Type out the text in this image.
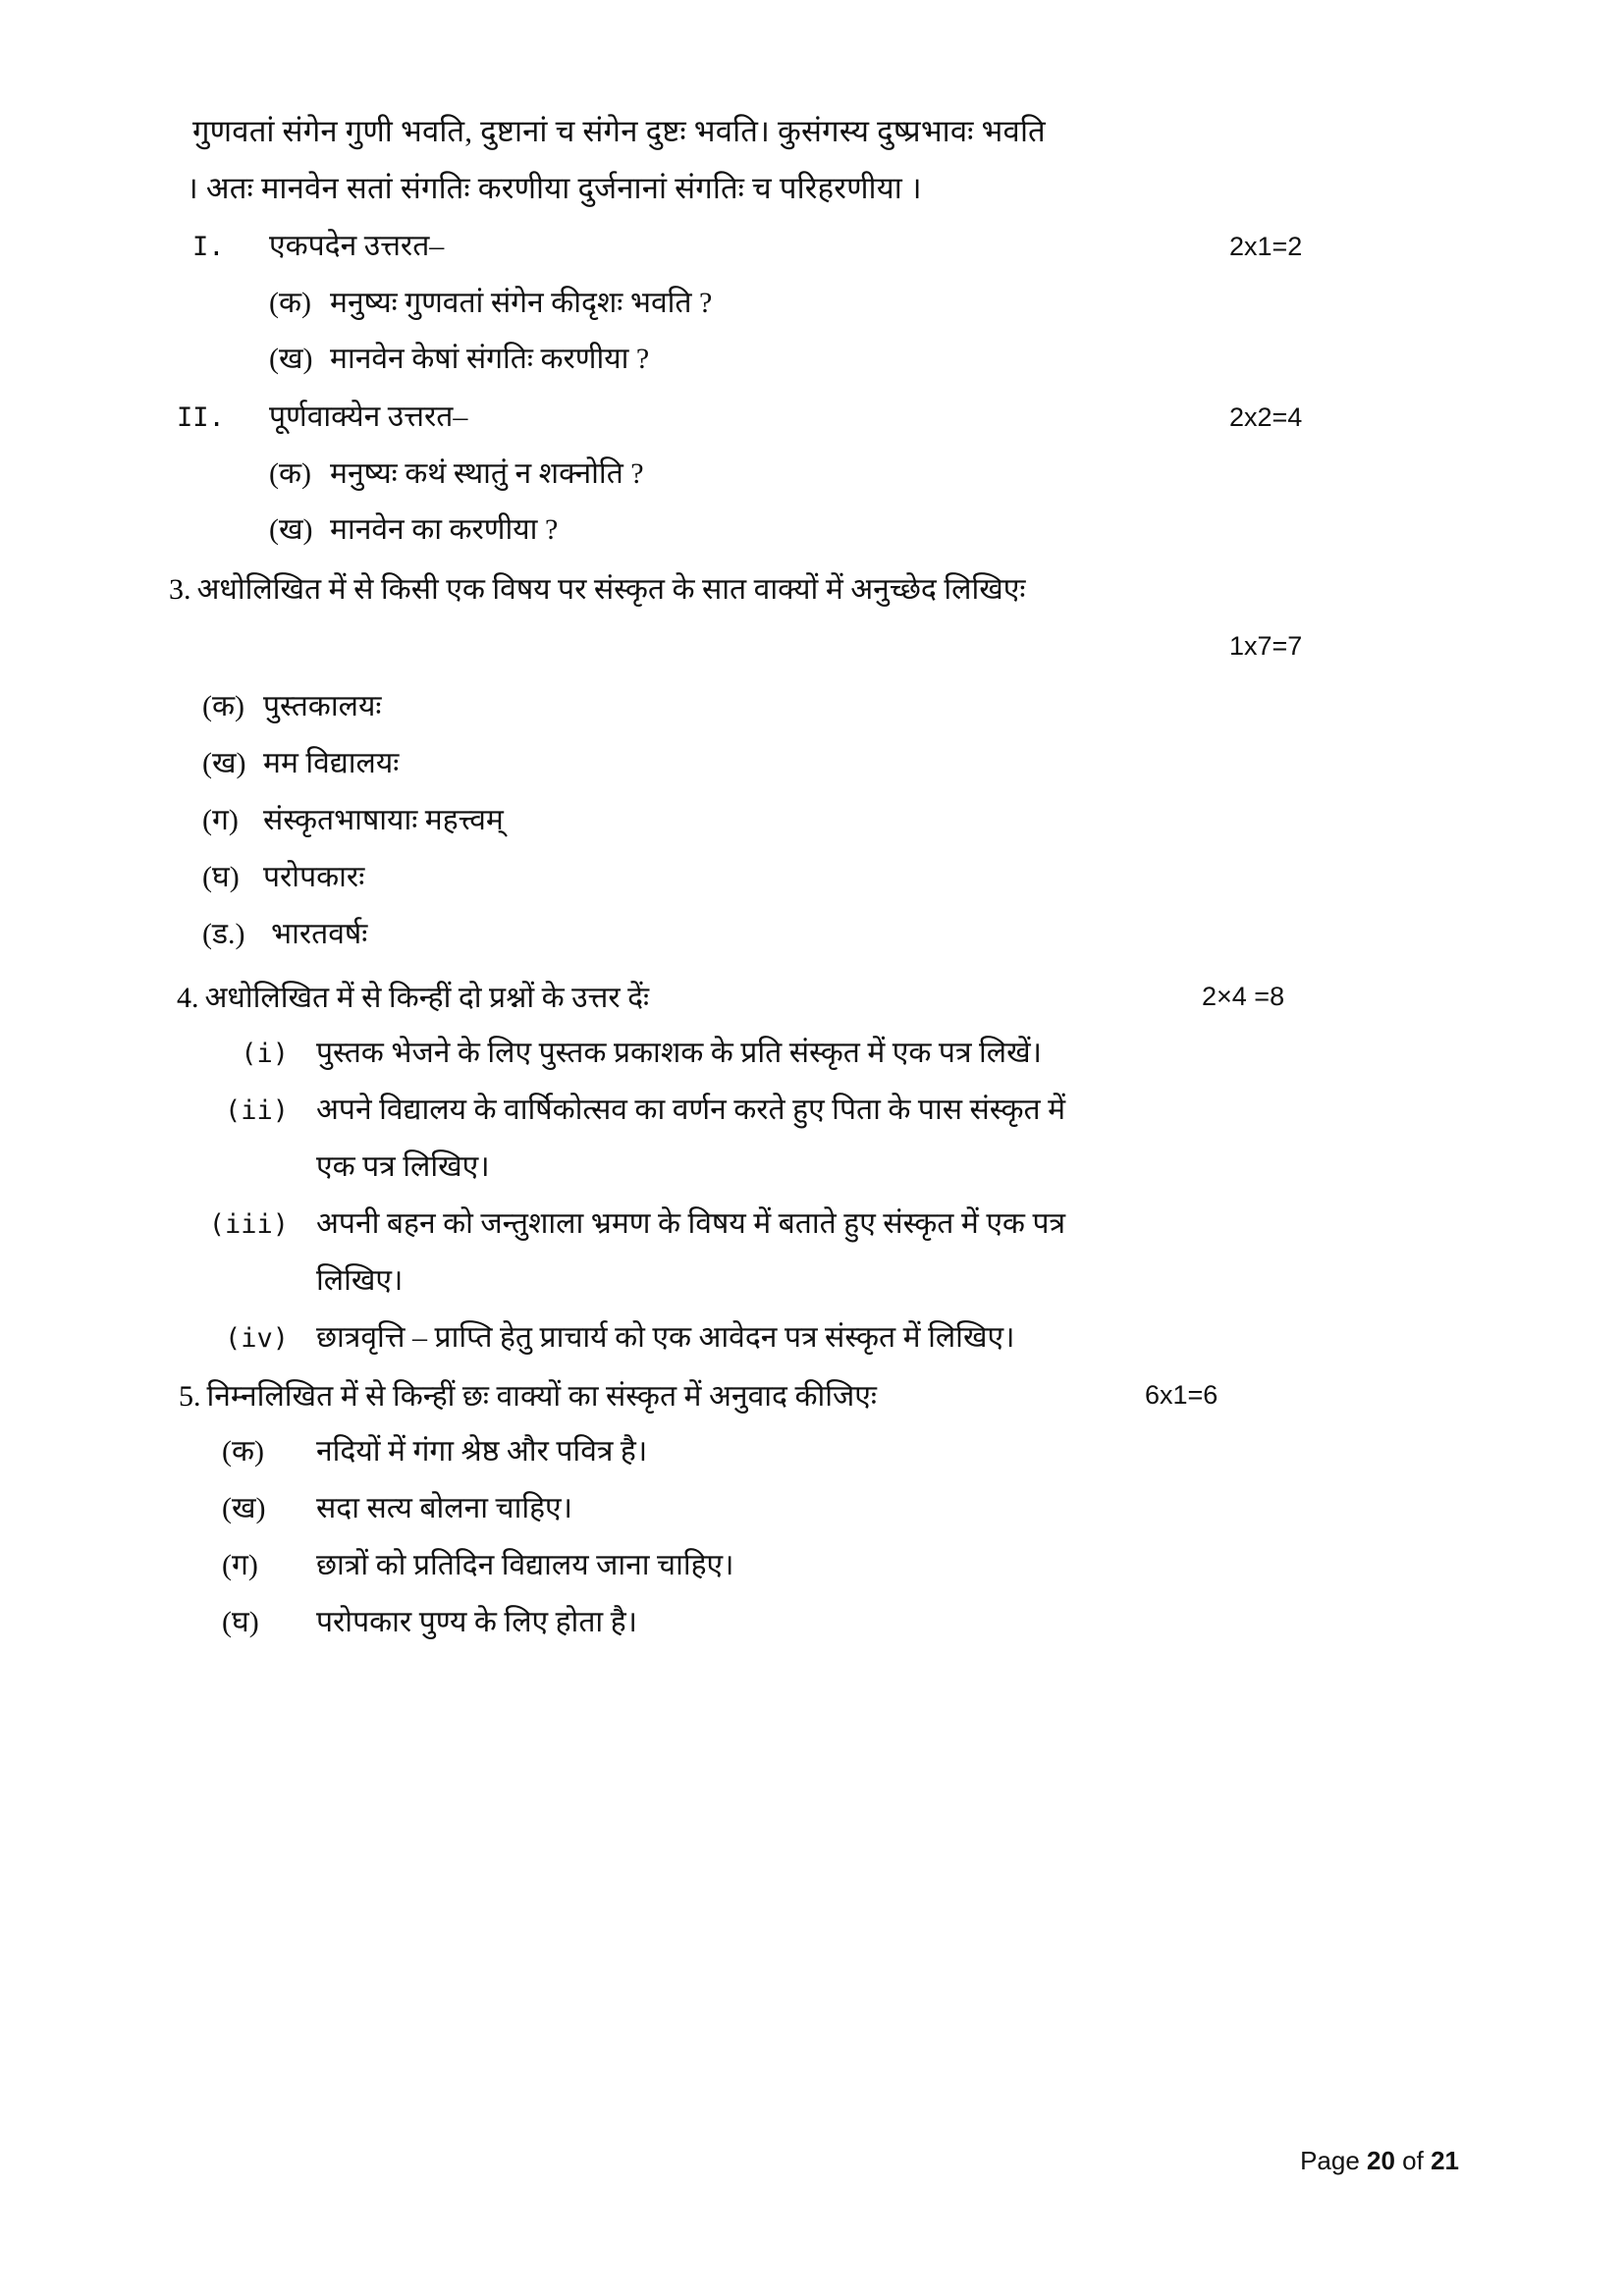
गुणवतां संगेन गुणी भवति, दुष्टानां च संगेन दुष्टः भवति। कुसंगस्य दुष्प्रभावः भवति
। अतः मानवेन सतां संगतिः करणीया दुर्जनानां संगतिः च परिहरणीया ।
I.	एकपदेन उत्तरत–	2x1=2
(क) मनुष्यः गुणवतां संगेन कीदृशः भवति ?
(ख) मानवेन केषां संगतिः करणीया ?
II.	पूर्णवाक्येन उत्तरत–	2x2=4
(क) मनुष्यः कथं स्थातुं न शक्नोति ?
(ख) मानवेन का करणीया ?
3. अधोलिखित में से किसी एक विषय पर संस्कृत के सात वाक्यों में अनुच्छेद लिखिएः
1x7=7
(क) पुस्तकालयः
(ख) मम विद्यालयः
(ग) संस्कृतभाषायाः महत्त्वम्
(घ) परोपकारः
(ड.) भारतवर्षः
4. अधोलिखित में से किन्हीं दो प्रश्नों के उत्तर देंः	2×4 =8
(i) पुस्तक भेजने के लिए पुस्तक प्रकाशक के प्रति संस्कृत में एक पत्र लिखें।
(ii) अपने विद्यालय के वार्षिकोत्सव का वर्णन करते हुए पिता के पास संस्कृत में
एक पत्र लिखिए।
(iii) अपनी बहन को जन्तुशाला भ्रमण के विषय में बताते हुए संस्कृत में एक पत्र
लिखिए।
(iv) छात्रवृत्ति – प्राप्ति हेतु प्राचार्य को एक आवेदन पत्र संस्कृत में लिखिए।
5. निम्नलिखित में से किन्हीं छः वाक्यों का संस्कृत में अनुवाद कीजिएः	6x1=6
(क)	नदियों में गंगा श्रेष्ठ और पवित्र है।
(ख)	सदा सत्य बोलना चाहिए।
(ग)	छात्रों को प्रतिदिन विद्यालय जाना चाहिए।
(घ)	परोपकार पुण्य के लिए होता है।
Page 20 of 21
